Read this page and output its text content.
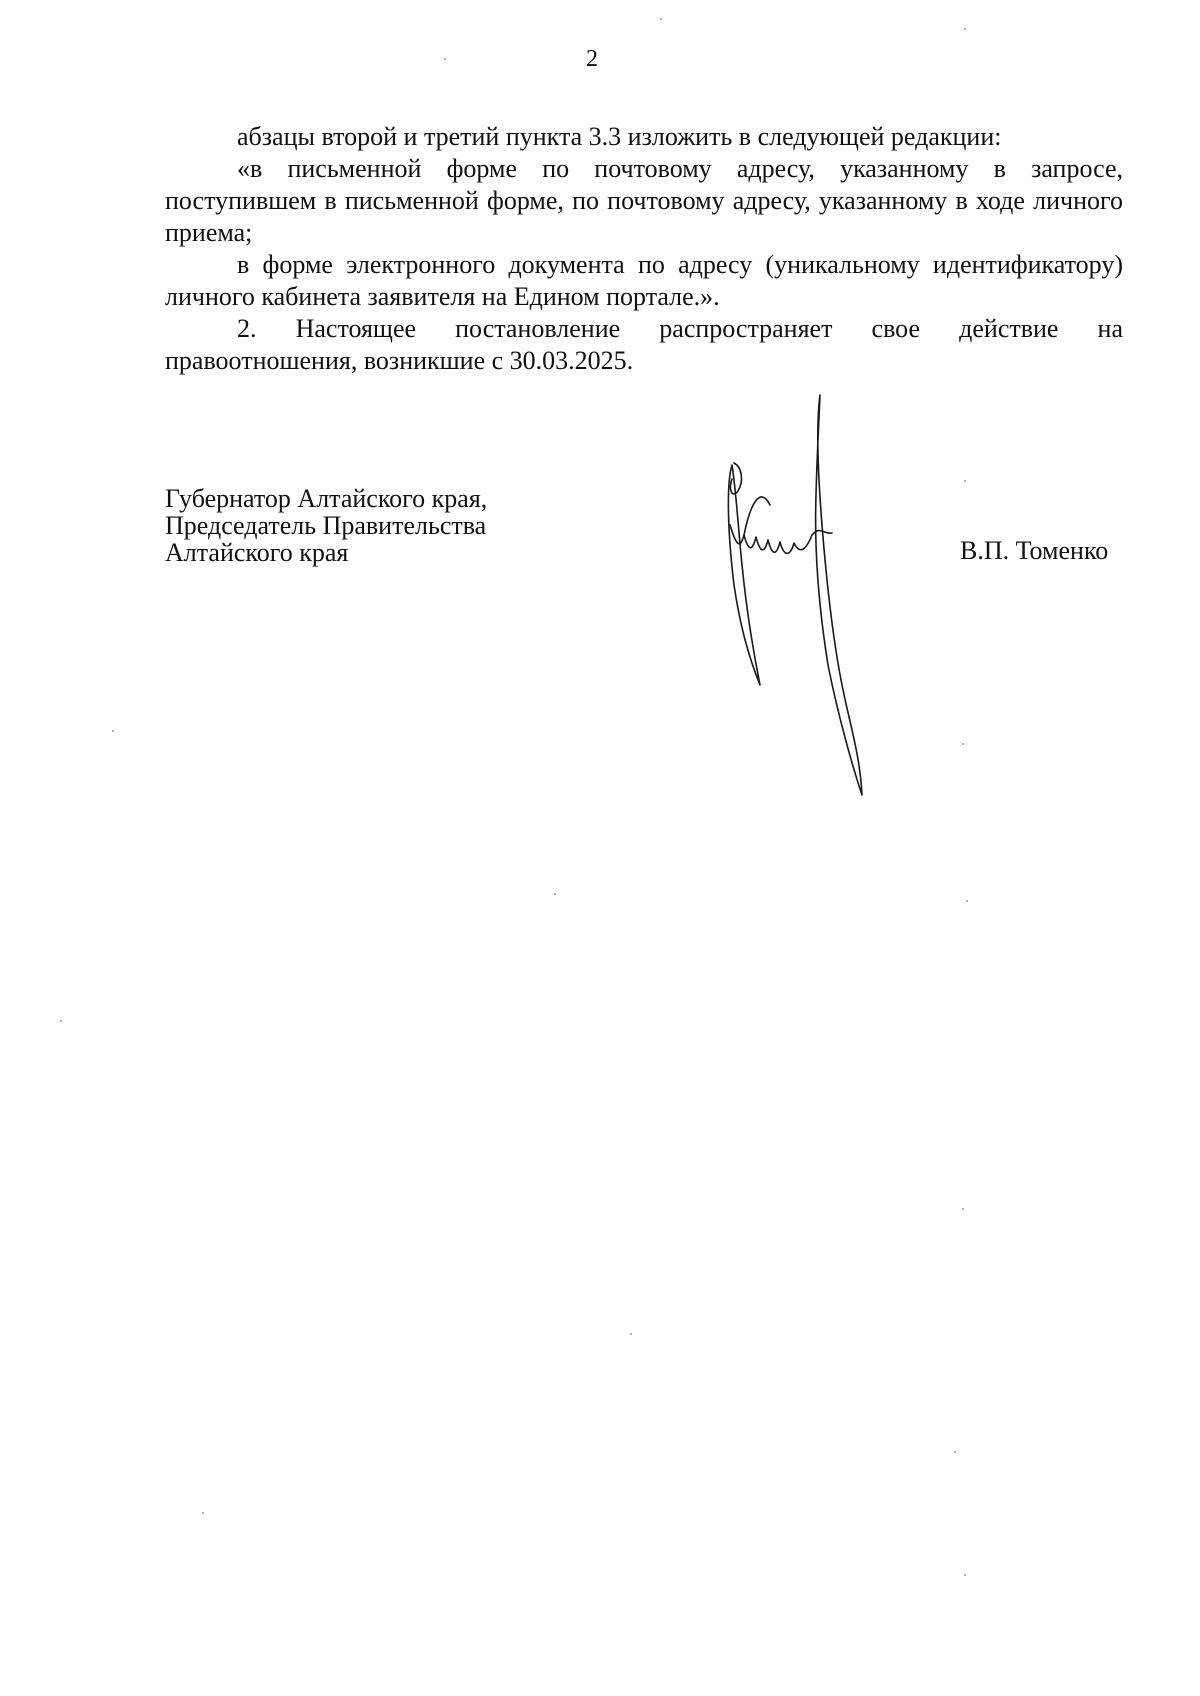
2

абзацы второй и третий пункта 3.3 изложить в следующей редакции:

«в письменной форме по почтовому адресу, указанному в запросе, поступившем в письменной форме, по почтовому адресу, указанному в ходе личного приема;

в форме электронного документа по адресу (уникальному идентификатору) личного кабинета заявителя на Едином портале.».

2. Настоящее постановление распространяет свое действие на правоотношения, возникшие с 30.03.2025.

Губернатор Алтайского края,
Председатель Правительства
Алтайского края	В.П. Томенко
